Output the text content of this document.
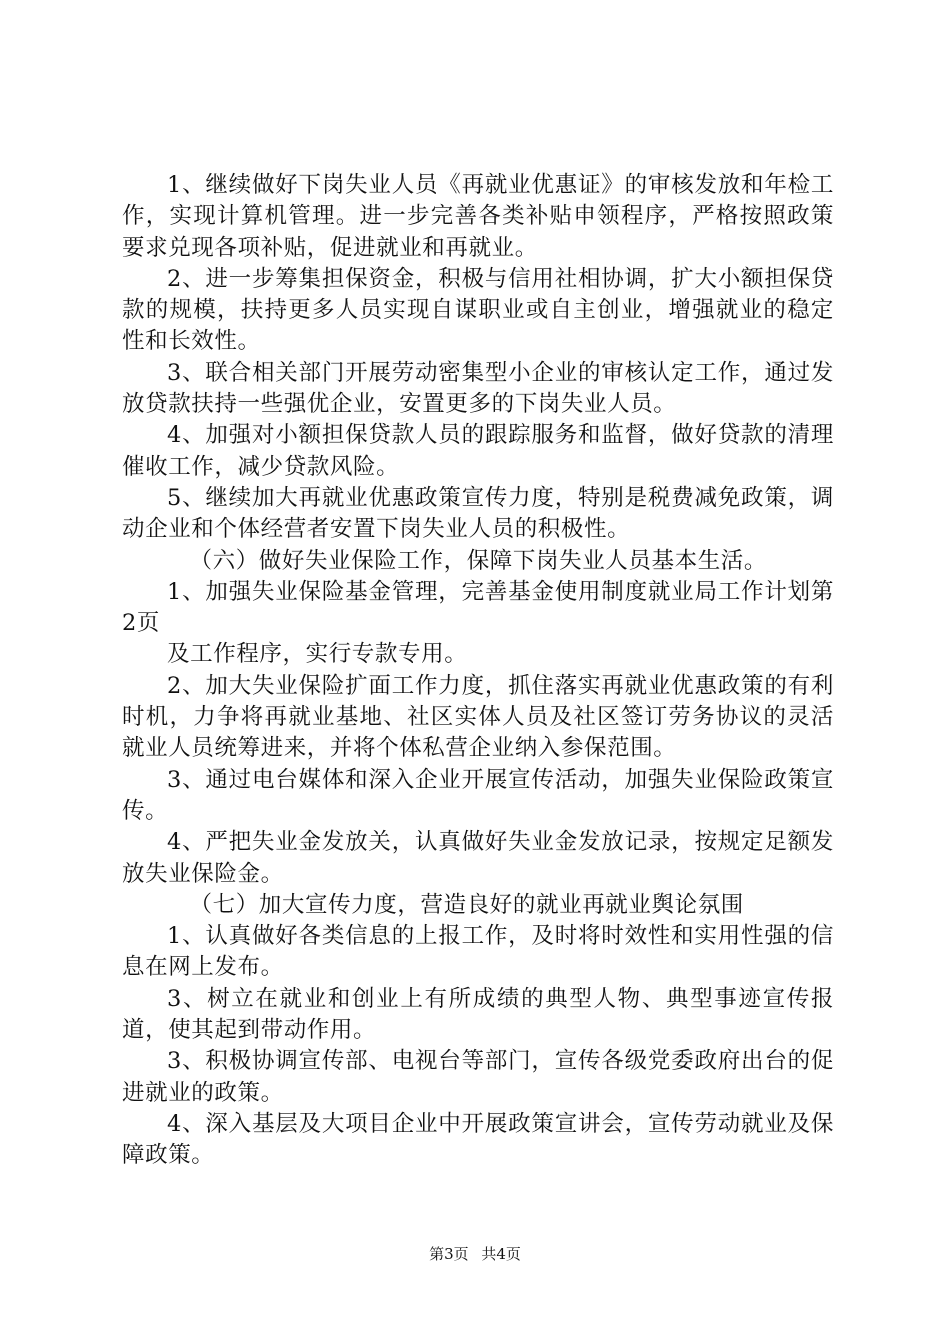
1、继续做好下岗失业人员《再就业优惠证》的审核发放和年检工作，实现计算机管理。进一步完善各类补贴申领程序，严格按照政策要求兑现各项补贴，促进就业和再就业。

2、进一步筹集担保资金，积极与信用社相协调，扩大小额担保贷款的规模，扶持更多人员实现自谋职业或自主创业，增强就业的稳定性和长效性。

3、联合相关部门开展劳动密集型小企业的审核认定工作，通过发放贷款扶持一些强优企业，安置更多的下岗失业人员。

4、加强对小额担保贷款人员的跟踪服务和监督，做好贷款的清理催收工作，减少贷款风险。

5、继续加大再就业优惠政策宣传力度，特别是税费减免政策，调动企业和个体经营者安置下岗失业人员的积极性。

（六）做好失业保险工作，保障下岗失业人员基本生活。

1、加强失业保险基金管理，完善基金使用制度就业局工作计划第2页

及工作程序，实行专款专用。

2、加大失业保险扩面工作力度，抓住落实再就业优惠政策的有利时机，力争将再就业基地、社区实体人员及社区签订劳务协议的灵活就业人员统筹进来，并将个体私营企业纳入参保范围。

3、通过电台媒体和深入企业开展宣传活动，加强失业保险政策宣传。

4、严把失业金发放关，认真做好失业金发放记录，按规定足额发放失业保险金。

（七）加大宣传力度，营造良好的就业再就业舆论氛围

1、认真做好各类信息的上报工作，及时将时效性和实用性强的信息在网上发布。

3、树立在就业和创业上有所成绩的典型人物、典型事迹宣传报道，使其起到带动作用。

3、积极协调宣传部、电视台等部门，宣传各级党委政府出台的促进就业的政策。

4、深入基层及大项目企业中开展政策宣讲会，宣传劳动就业及保障政策。

第3页 共4页
